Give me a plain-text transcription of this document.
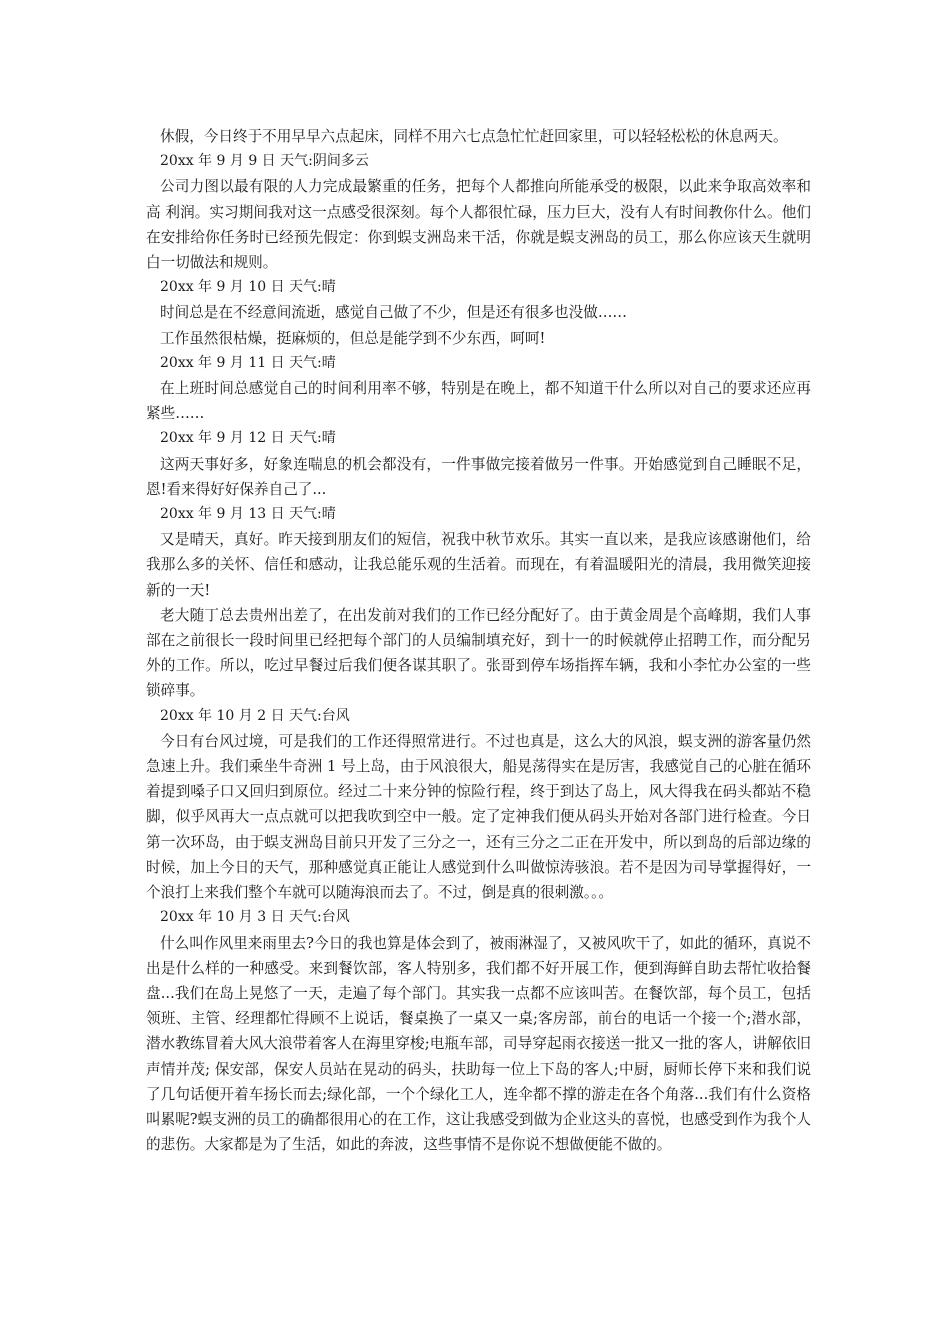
休假，今日终于不用早早六点起床，同样不用六七点急忙忙赶回家里，可以轻轻松松的休息两天。

20xx 年 9 月 9 日 天气:阴间多云

公司力图以最有限的人力完成最繁重的任务，把每个人都推向所能承受的极限，以此来争取高效率和高 利润。实习期间我对这一点感受很深刻。每个人都很忙碌，压力巨大，没有人有时间教你什么。他们在安排给你任务时已经预先假定：你到蜈支洲岛来干活，你就是蜈支洲岛的员工，那么你应该天生就明白一切做法和规则。

20xx 年 9 月 10 日 天气:晴

时间总是在不经意间流逝，感觉自己做了不少，但是还有很多也没做……

工作虽然很枯燥，挺麻烦的，但总是能学到不少东西，呵呵!

20xx 年 9 月 11 日 天气:晴

在上班时间总感觉自己的时间利用率不够，特别是在晚上，都不知道干什么所以对自己的要求还应再紧些……

20xx 年 9 月 12 日 天气:晴

这两天事好多，好象连喘息的机会都没有，一件事做完接着做另一件事。开始感觉到自己睡眠不足，恩!看来得好好保养自己了...

20xx 年 9 月 13 日 天气:晴

又是晴天，真好。昨天接到朋友们的短信，祝我中秋节欢乐。其实一直以来，是我应该感谢他们，给我那么多的关怀、信任和感动，让我总能乐观的生活着。而现在，有着温暖阳光的清晨，我用微笑迎接新的一天!

老大随丁总去贵州出差了，在出发前对我们的工作已经分配好了。由于黄金周是个高峰期，我们人事部在之前很长一段时间里已经把每个部门的人员编制填充好，到十一的时候就停止招聘工作，而分配另外的工作。所以，吃过早餐过后我们便各谋其职了。张哥到停车场指挥车辆，我和小李忙办公室的一些锁碎事。

20xx 年 10 月 2 日 天气:台风

今日有台风过境，可是我们的工作还得照常进行。不过也真是，这么大的风浪，蜈支洲的游客量仍然急速上升。我们乘坐牛奇洲 1 号上岛，由于风浪很大，船晃荡得实在是厉害，我感觉自己的心脏在循环着提到嗓子口又回归到原位。经过二十来分钟的惊险行程，终于到达了岛上，风大得我在码头都站不稳脚，似乎风再大一点点就可以把我吹到空中一般。定了定神我们便从码头开始对各部门进行检查。今日第一次环岛，由于蜈支洲岛目前只开发了三分之一，还有三分之二正在开发中，所以到岛的后部边缘的时候，加上今日的天气，那种感觉真正能让人感觉到什么叫做惊涛骇浪。若不是因为司导掌握得好，一个浪打上来我们整个车就可以随海浪而去了。不过，倒是真的很刺激。。。

20xx 年 10 月 3 日 天气:台风

什么叫作风里来雨里去?今日的我也算是体会到了，被雨淋湿了，又被风吹干了，如此的循环，真说不出是什么样的一种感受。来到餐饮部，客人特别多，我们都不好开展工作，便到海鲜自助去帮忙收拾餐盘...我们在岛上晃悠了一天，走遍了每个部门。其实我一点都不应该叫苦。在餐饮部，每个员工，包括领班、主管、经理都忙得顾不上说话，餐桌换了一桌又一桌;客房部，前台的电话一个接一个;潜水部，潜水教练冒着大风大浪带着客人在海里穿梭;电瓶车部，司导穿起雨衣接送一批又一批的客人，讲解依旧声情并茂; 保安部，保安人员站在晃动的码头，扶助每一位上下岛的客人;中厨，厨师长停下来和我们说了几句话便开着车扬长而去;绿化部，一个个绿化工人，连伞都不撑的游走在各个角落...我们有什么资格叫累呢?蜈支洲的员工的确都很用心的在工作，这让我感受到做为企业这头的喜悦，也感受到作为我个人的悲伤。大家都是为了生活，如此的奔波，这些事情不是你说不想做便能不做的。
